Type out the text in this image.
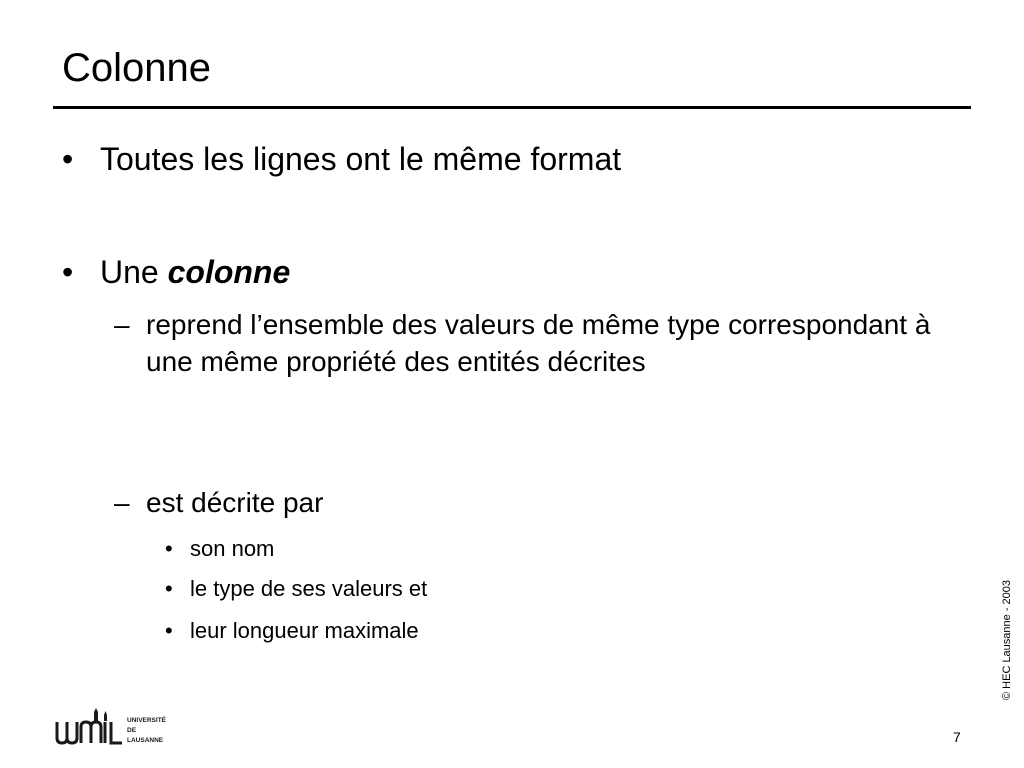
Colonne
• Toutes les lignes ont le même format
• Une colonne
– reprend l’ensemble des valeurs de même type correspondant à une même propriété des entités décrites
– est décrite par
• son nom
• le type de ses valeurs et
• leur longueur maximale
UNIVERSITÉ
DE
LAUSANNE
© HEC Lausanne - 2003
7
